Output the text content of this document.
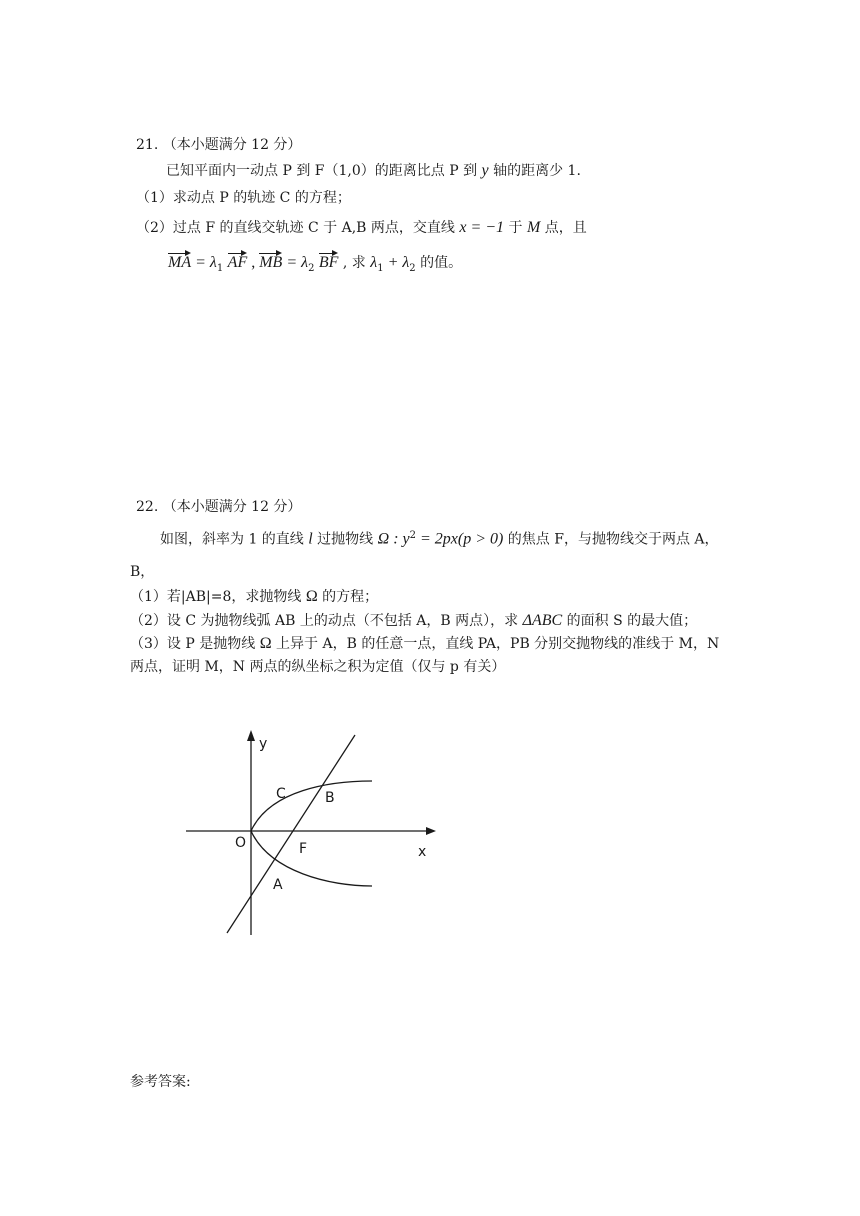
21. （本小题满分 12 分）
已知平面内一动点 P 到 F（1,0）的距离比点 P 到 y 轴的距离少 1.
（1）求动点 P 的轨迹 C 的方程；
（2）过点 F 的直线交轨迹 C 于 A,B 两点，交直线 x = −1 于 M 点，且
MA = $\lambda_1$ AF , MB = $\lambda_2$ BF , 求 $\lambda_1 + \lambda_2$ 的值。
22. （本小题满分 12 分）
如图，斜率为 1 的直线 l 过抛物线 Ω : $y^2 = 2px(p > 0)$ 的焦点 F，与抛物线交于两点 A，
B，
（1）若|AB|=8，求抛物线 Ω 的方程；
（2）设 C 为抛物线弧 AB 上的动点（不包括 A，B 两点），求 ΔABC 的面积 S 的最大值；
（3）设 P 是抛物线 Ω 上异于 A，B 的任意一点，直线 PA，PB 分别交抛物线的准线于 M，N
两点，证明 M，N 两点的纵坐标之积为定值（仅与 p 有关）
y
x
O	F
A
B
C
参考答案:
